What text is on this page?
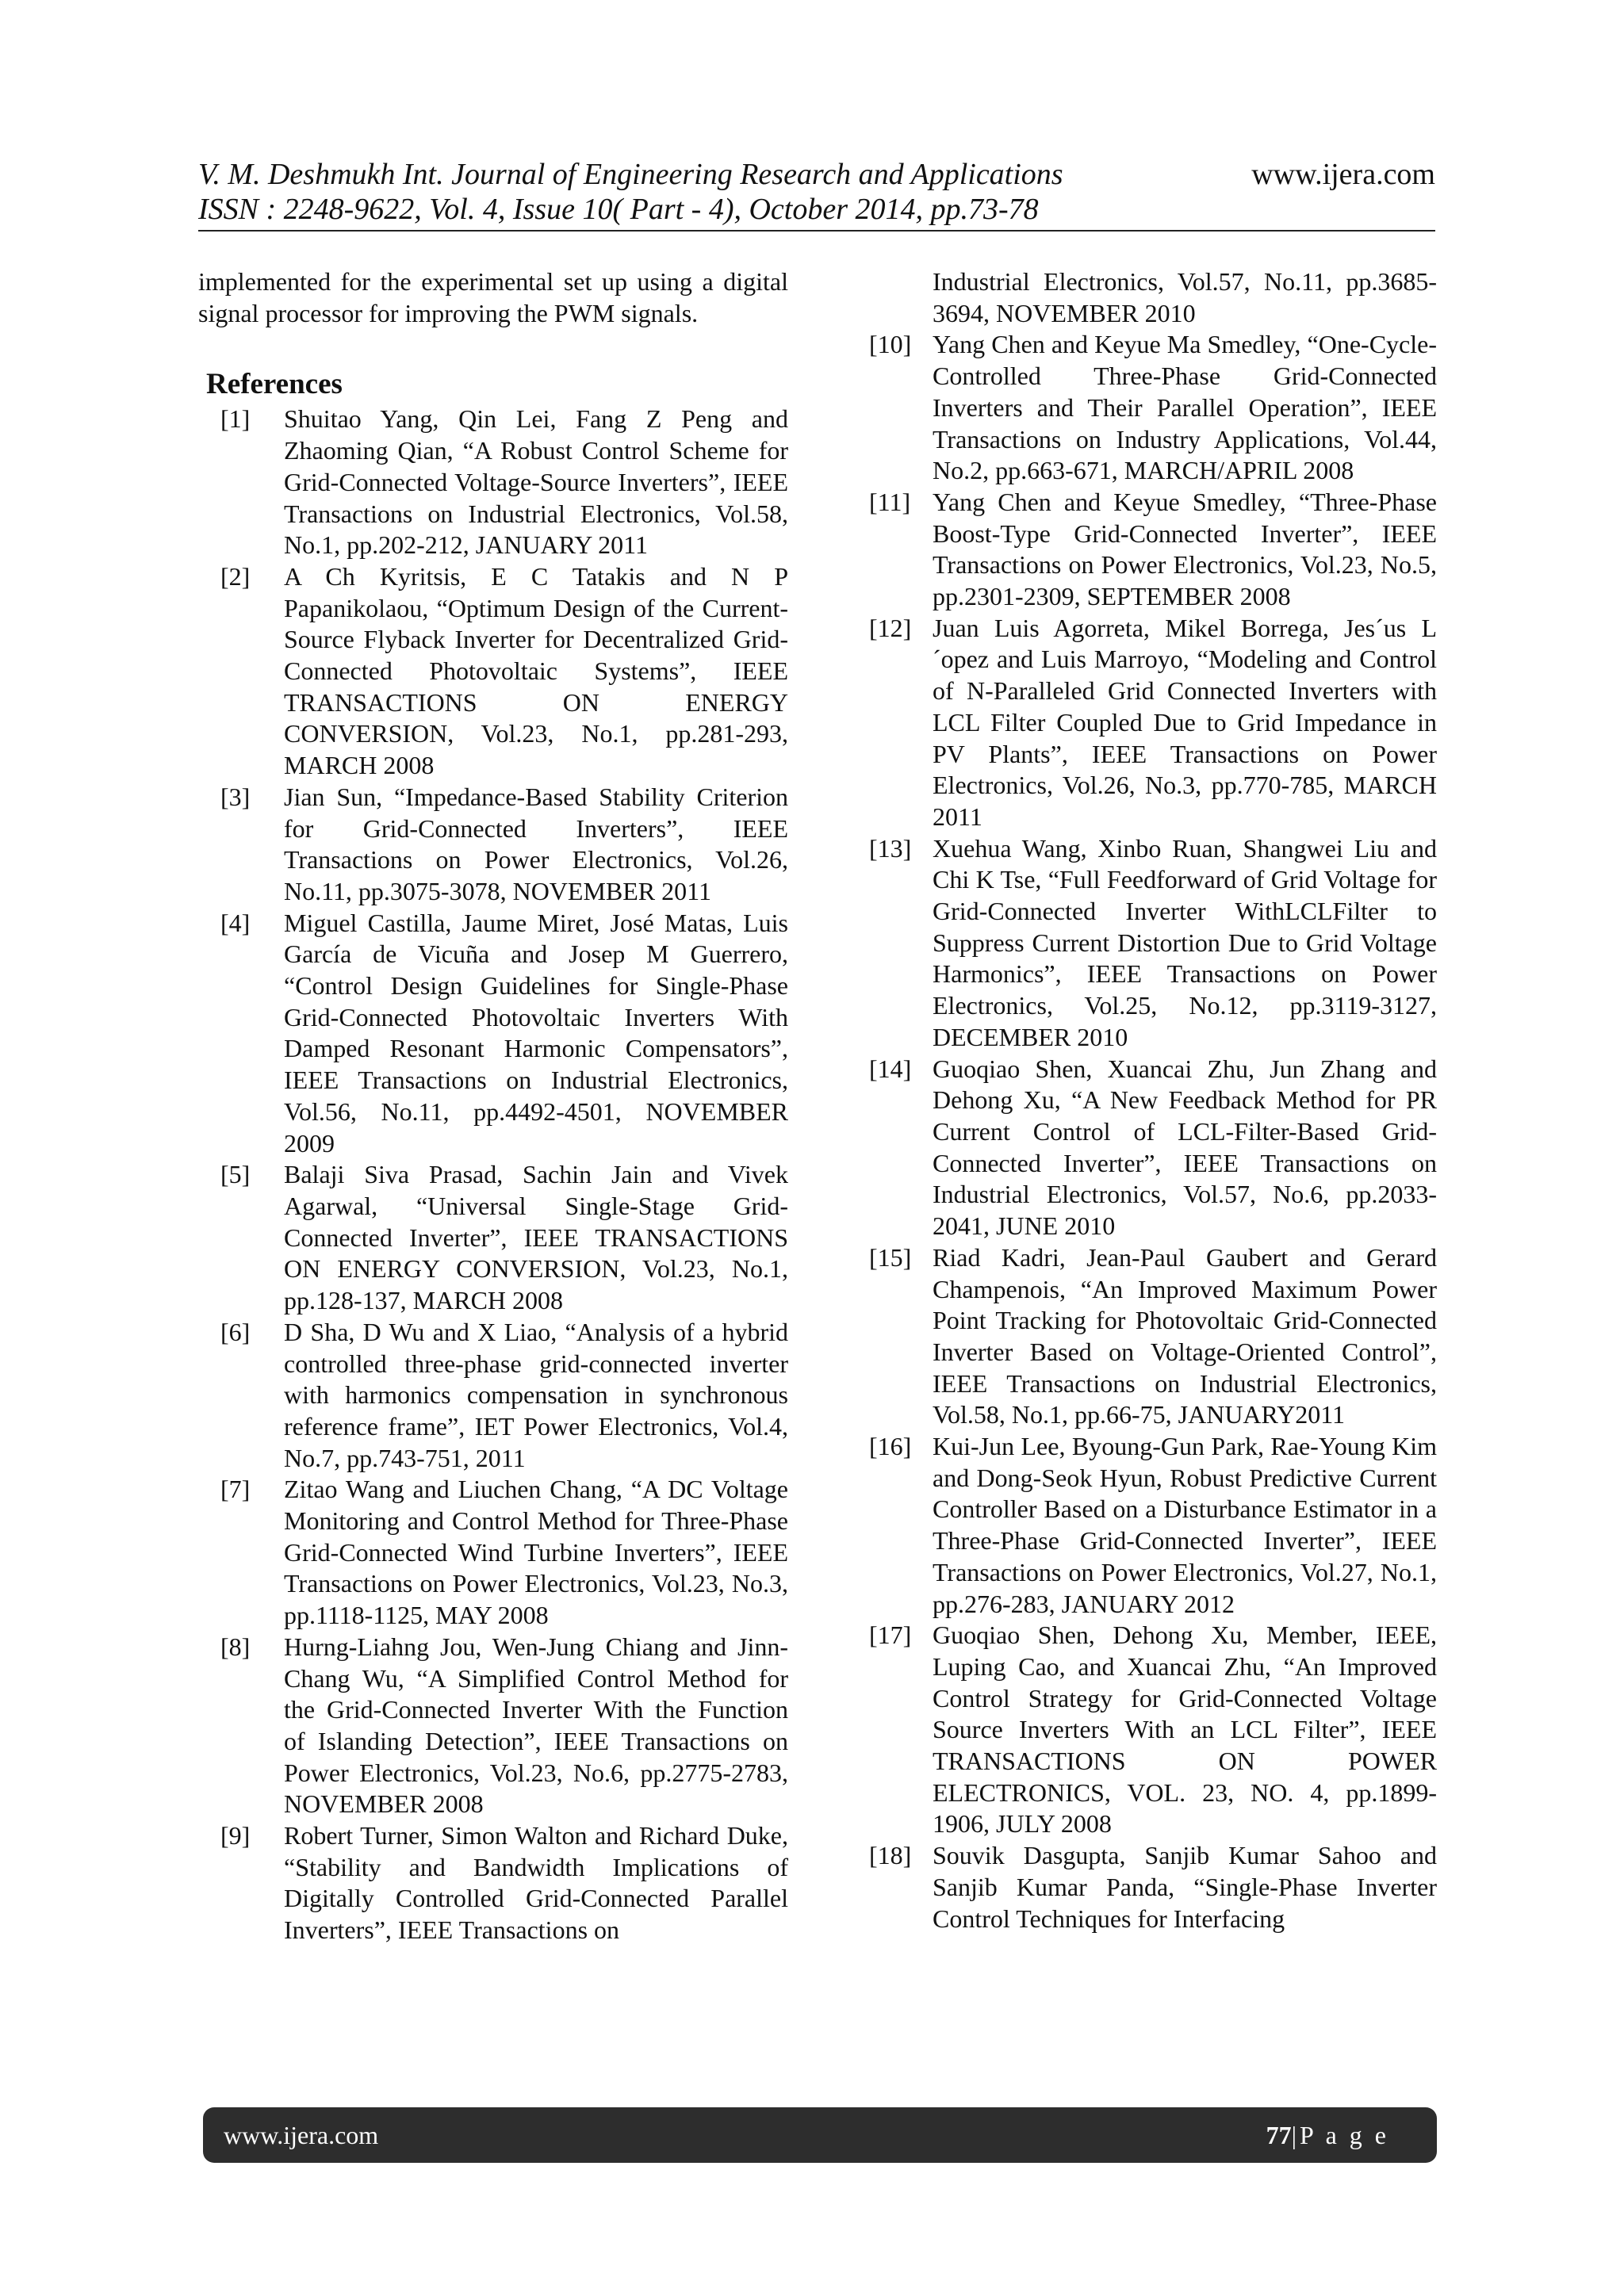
V. M. Deshmukh Int. Journal of Engineering Research and Applications	www.ijera.com
ISSN : 2248-9622, Vol. 4, Issue 10( Part - 4), October 2014, pp.73-78

implemented for the experimental set up using a digital signal processor for improving the PWM signals.

References
[1]	Shuitao Yang, Qin Lei, Fang Z Peng and Zhaoming Qian, “A Robust Control Scheme for Grid-Connected Voltage-Source Inverters”, IEEE Transactions on Industrial Electronics, Vol.58, No.1, pp.202-212, JANUARY 2011
[2]	A Ch Kyritsis, E C Tatakis and N P Papanikolaou, “Optimum Design of the Current-Source Flyback Inverter for Decentralized Grid-Connected Photovoltaic Systems”, IEEE TRANSACTIONS ON ENERGY CONVERSION, Vol.23, No.1, pp.281-293, MARCH 2008
[3]	Jian Sun, “Impedance-Based Stability Criterion for Grid-Connected Inverters”, IEEE Transactions on Power Electronics, Vol.26, No.11, pp.3075-3078, NOVEMBER 2011
[4]	Miguel Castilla, Jaume Miret, José Matas, Luis García de Vicuña and Josep M Guerrero, “Control Design Guidelines for Single-Phase Grid-Connected Photovoltaic Inverters With Damped Resonant Harmonic Compensators”, IEEE Transactions on Industrial Electronics, Vol.56, No.11, pp.4492-4501, NOVEMBER 2009
[5]	Balaji Siva Prasad, Sachin Jain and Vivek Agarwal, “Universal Single-Stage Grid-Connected Inverter”, IEEE TRANSACTIONS ON ENERGY CONVERSION, Vol.23, No.1, pp.128-137, MARCH 2008
[6]	D Sha, D Wu and X Liao, “Analysis of a hybrid controlled three-phase grid-connected inverter with harmonics compensation in synchronous reference frame”, IET Power Electronics, Vol.4, No.7, pp.743-751, 2011
[7]	Zitao Wang and Liuchen Chang, “A DC Voltage Monitoring and Control Method for Three-Phase Grid-Connected Wind Turbine Inverters”, IEEE Transactions on Power Electronics, Vol.23, No.3, pp.1118-1125, MAY 2008
[8]	Hurng-Liahng Jou, Wen-Jung Chiang and Jinn-Chang Wu, “A Simplified Control Method for the Grid-Connected Inverter With the Function of Islanding Detection”, IEEE Transactions on Power Electronics, Vol.23, No.6, pp.2775-2783, NOVEMBER 2008
[9]	Robert Turner, Simon Walton and Richard Duke, “Stability and Bandwidth Implications of Digitally Controlled Grid-Connected Parallel Inverters”, IEEE Transactions on
Industrial Electronics, Vol.57, No.11, pp.3685-3694, NOVEMBER 2010
[10] Yang Chen and Keyue Ma Smedley, “One-Cycle-Controlled Three-Phase Grid-Connected Inverters and Their Parallel Operation”, IEEE Transactions on Industry Applications, Vol.44, No.2, pp.663-671, MARCH/APRIL 2008
[11] Yang Chen and Keyue Smedley, “Three-Phase Boost-Type Grid-Connected Inverter”, IEEE Transactions on Power Electronics, Vol.23, No.5, pp.2301-2309, SEPTEMBER 2008
[12] Juan Luis Agorreta, Mikel Borrega, Jes´us L´opez and Luis Marroyo, “Modeling and Control of N-Paralleled Grid Connected Inverters with LCL Filter Coupled Due to Grid Impedance in PV Plants”, IEEE Transactions on Power Electronics, Vol.26, No.3, pp.770-785, MARCH 2011
[13] Xuehua Wang, Xinbo Ruan, Shangwei Liu and Chi K Tse, “Full Feedforward of Grid Voltage for Grid-Connected Inverter WithLCLFilter to Suppress Current Distortion Due to Grid Voltage Harmonics”, IEEE Transactions on Power Electronics, Vol.25, No.12, pp.3119-3127, DECEMBER 2010
[14] Guoqiao Shen, Xuancai Zhu, Jun Zhang and Dehong Xu, “A New Feedback Method for PR Current Control of LCL-Filter-Based Grid-Connected Inverter”, IEEE Transactions on Industrial Electronics, Vol.57, No.6, pp.2033-2041, JUNE 2010
[15] Riad Kadri, Jean-Paul Gaubert and Gerard Champenois, “An Improved Maximum Power Point Tracking for Photovoltaic Grid-Connected Inverter Based on Voltage-Oriented Control”, IEEE Transactions on Industrial Electronics, Vol.58, No.1, pp.66-75, JANUARY2011
[16] Kui-Jun Lee, Byoung-Gun Park, Rae-Young Kim and Dong-Seok Hyun, Robust Predictive Current Controller Based on a Disturbance Estimator in a Three-Phase Grid-Connected Inverter”, IEEE Transactions on Power Electronics, Vol.27, No.1, pp.276-283, JANUARY 2012
[17] Guoqiao Shen, Dehong Xu, Member, IEEE, Luping Cao, and Xuancai Zhu, “An Improved Control Strategy for Grid-Connected Voltage Source Inverters With an LCL Filter”, IEEE TRANSACTIONS ON POWER ELECTRONICS, VOL. 23, NO. 4, pp.1899-1906, JULY 2008
[18] Souvik Dasgupta, Sanjib Kumar Sahoo and Sanjib Kumar Panda, “Single-Phase Inverter Control Techniques for Interfacing
www.ijera.com	77|P a g e
